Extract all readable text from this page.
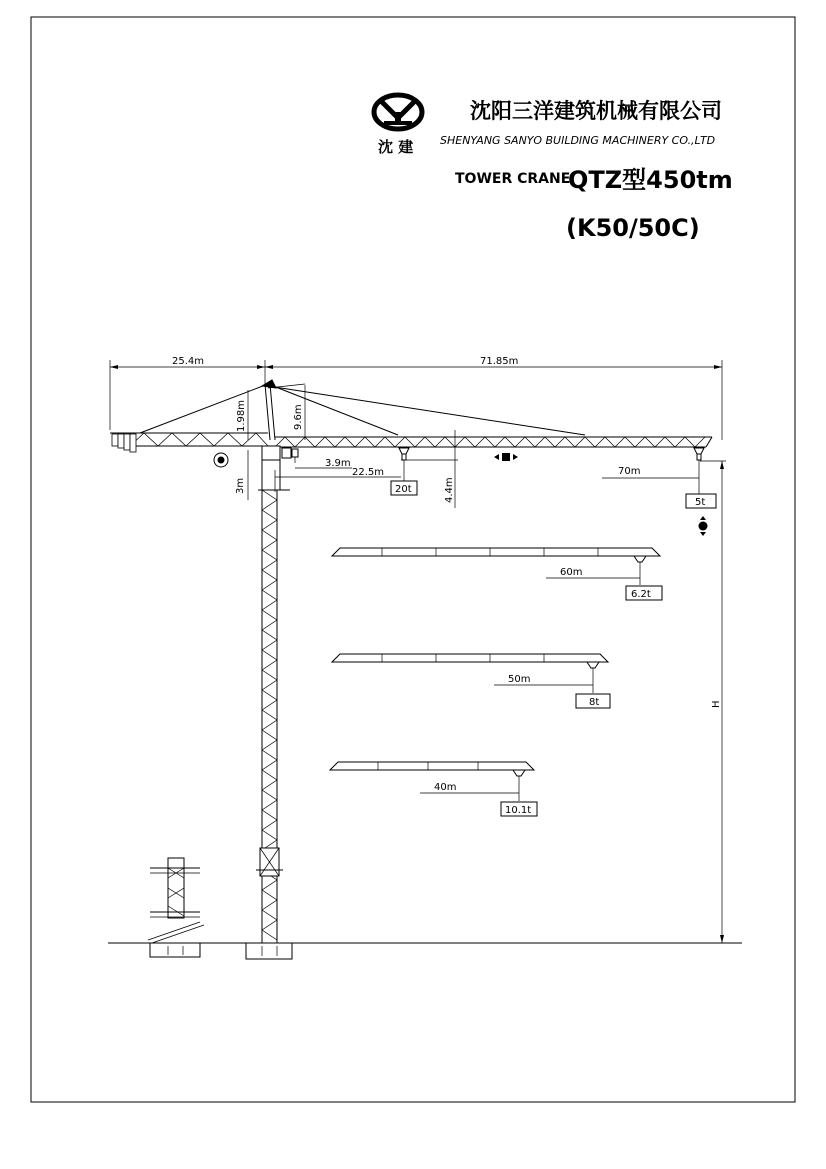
沈 建
沈阳三洋建筑机械有限公司
SHENYANG SANYO BUILDING MACHINERY CO.,LTD
TOWER CRANE
QTZ型450tm
(K50/50C)
25.4m	71.85m
1.98m	9.6m
3.9m
22.5m
4.4m
3m	20t
70m
5t
H
60m
6.2t
50m
8t
40m
10.1t
